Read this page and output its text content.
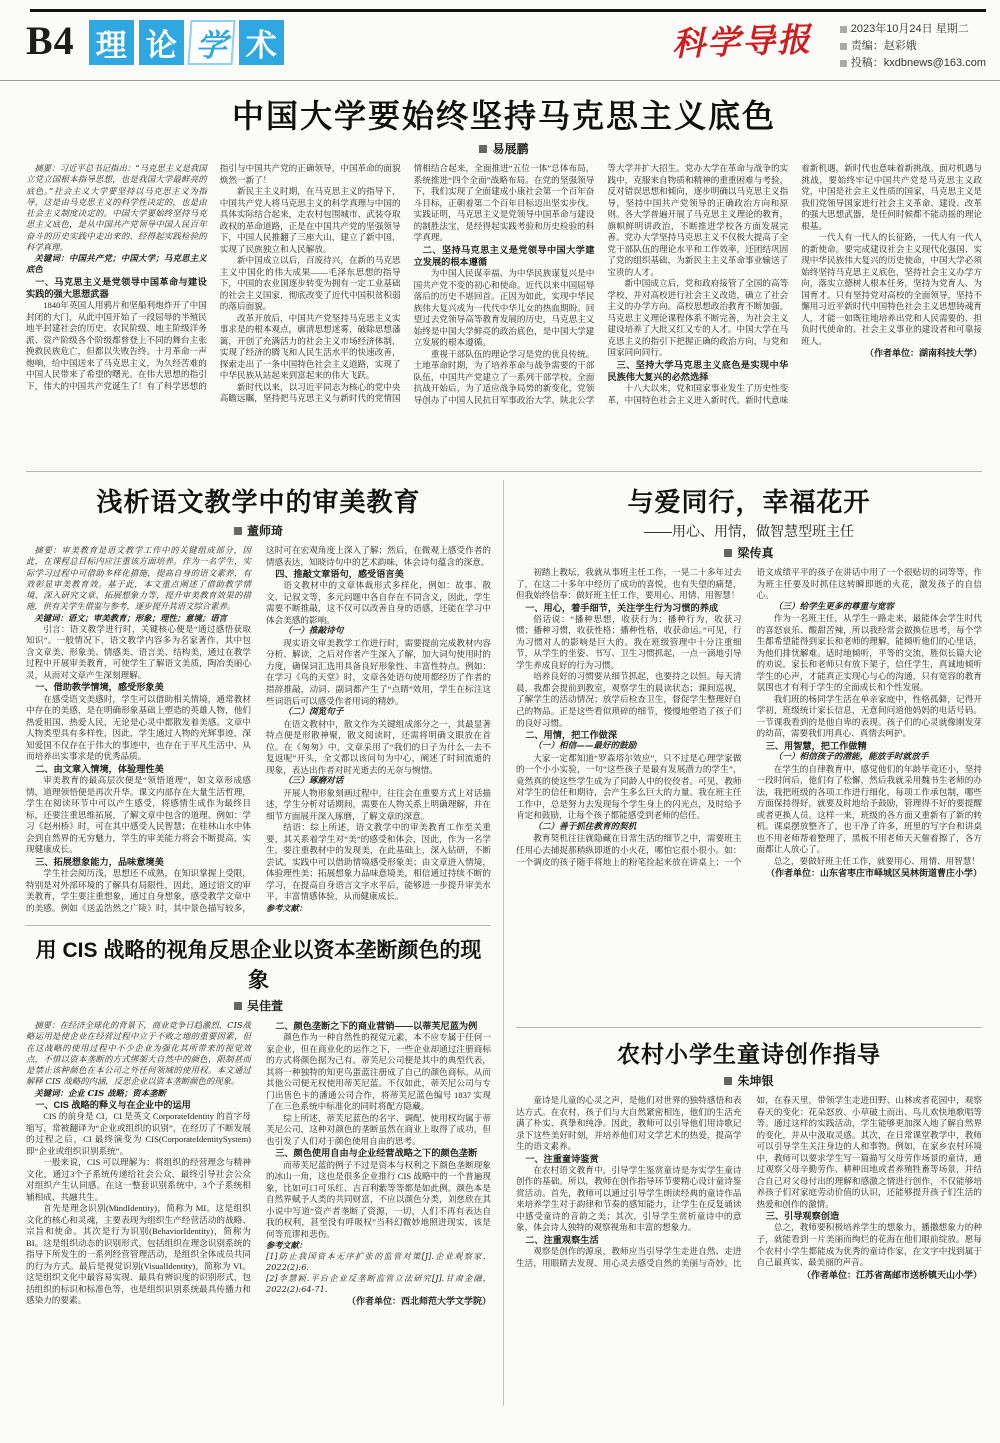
B4 理 论 学 术	科学导报	2023年10月24日 星期二
责编：赵彩娥
投稿：kxdbnews@163.com
中国大学要始终坚持马克思主义底色
易展鹏

摘要：习近平总书记指出：“马克思主义是我国立党立国根本指导思想，也是我国大学最鲜亮的底色。”社会主义大学要坚持以马克思主义为指导，这是由马克思主义的科学性决定的，也是由社会主义制度决定的。中国大学要始终坚持马克思主义底色，是从中国共产党领导中国人民百年奋斗的历史实践中走出来的、经得起实践检验的科学真理。

关键词：中国共产党；中国大学；马克思主义底色

一、马克思主义是党领导中国革命与建设实践的强大思想武器

1840年英国人用鸦片和坚船利炮炸开了中国封闭的大门，从此中国开始了一段屈辱的半殖民地半封建社会的历史。农民阶级、地主阶级洋务派、资产阶级各个阶级都曾登上不同的舞台主张挽救民族危亡，但都以失败告终。十月革命一声炮响，给中国送来了马克思主义，为久经苦难的中国人民带来了希望的曙光。在伟大思想的指引下，伟大的中国共产党诞生了！有了科学思想的指引与中国共产党的正确领导，中国革命的面貌焕然一新了！

新民主主义时期，在马克思主义的指导下，中国共产党人将马克思主义的科学真理与中国的具体实际结合起来，走农村包围城市、武装夺取政权的革命道路，正是在中国共产党的坚强领导下，中国人民推翻了三座大山，建立了新中国，实现了民族独立和人民解放。

新中国成立以后，百废待兴，在新的马克思主义中国化的伟大成果——毛泽东思想的指导下，中国的农业国逐步转变为拥有一定工业基础的社会主义国家，彻底改变了近代中国积贫积弱的落后面貌。

改革开放后，中国共产党坚持马克思主义实事求是的根本观点，廓清思想迷雾，破除思想藩篱，开创了充满活力的社会主义市场经济体制，实现了经济的腾飞和人民生活水平的快速改善，探索走出了一条中国特色社会主义道路，实现了中华民族从站起来到富起来的伟大飞跃。

新时代以来，以习近平同志为核心的党中央高瞻远瞩，坚持把马克思主义与新时代的党情国情相结合起来，全面推进“五位一体”总体布局，系统推进“四个全面”战略布局。在党的坚强领导下，我们实现了全面建成小康社会第一个百年奋斗目标，正朝着第二个百年目标迈出坚实步伐。实践证明，马克思主义是党领导中国革命与建设的制胜法宝，是经得起实践考验和历史检验的科学真理。

二、坚持马克思主义是党领导中国大学建立发展的根本遵循

为中国人民谋幸福、为中华民族谋复兴是中国共产党不变的初心和使命。近代以来中国屈辱落后的历史不堪回首。正因为如此，实现中华民族伟大复兴成为一代代中华儿女的热血期盼。回望过去党领导高等教育发展的历史，马克思主义始终是中国大学鲜亮的政治底色，是中国大学建立发展的根本遵循。

重视干部队伍的理论学习是党的优良传统。土地革命时期，为了培养革命与战争需要的干部队伍，中国共产党建立了一系列干部学校。全面抗战开始后，为了适应战争局势的新变化，党领导创办了中国人民抗日军事政治大学、陕北公学等大学并扩大招生。党办大学在革命与战争的实践中，克服来自物质和精神的重重困难与考验，反对错误思想和倾向，逐步明确以马克思主义指导，坚持中国共产党领导的正确政治方向和原则。各大学普遍开展了马克思主义理论的教育，旗帜鲜明讲政治，不断推进学校各方面发展完善。党办大学坚持马克思主义不仅极大提高了全党干部队伍的理论水平和工作效率，还团结巩固了党的组织基础，为新民主主义革命事业输送了宝贵的人才。

新中国成立后，党和政府接管了全国的高等学校，并对高校进行社会主义改造，确立了社会主义的办学方向。高校思想政治教育不断加强，马克思主义理论课程体系不断完善，为社会主义建设培养了大批又红又专的人才。中国大学在马克思主义的指引下把握正确的政治方向，与党和国家同向同行。

三、坚持大学马克思主义底色是实现中华民族伟大复兴的必然选择

十八大以来，党和国家事业发生了历史性变革，中国特色社会主义进入新时代。新时代意味着新机遇，新时代也意味着新挑战。面对机遇与挑战，要始终牢记中国共产党是马克思主义政党，中国是社会主义性质的国家，马克思主义是我们党领导国家进行社会主义革命、建设、改革的强大思想武器，是任何时候都不能动摇的理论根基。

一代人有一代人的长征路，一代人有一代人的新使命。要完成建设社会主义现代化强国、实现中华民族伟大复兴的历史使命，中国大学必须始终坚持马克思主义底色，坚持社会主义办学方向，落实立德树人根本任务，坚持为党育人、为国育才。只有坚持党对高校的全面领导，坚持不懈用习近平新时代中国特色社会主义思想铸魂育人，才能一如既往地培养出党和人民需要的、担负时代使命的、社会主义事业的建设者和可靠接班人。

（作者单位：湖南科技大学）

浅析语文教学中的审美教育
董师琦

摘要：审美教育是语文教学工作中的关键组成部分，因此，在课程总目标内应注重该方面培养。作为一名学生，实际学习过程中可借助多样化措施，提高自身的语文素养，有效彰显审美教育效。基于此，本文重点阐述了借助教学情境、深入研究文章、拓展想象力等，提升审美教育效果的措施，供有关学生借鉴与参考，逐步提升其语文综合素养。

关键词：语文；审美教育；形象；理性；意境；语言

引言：语文教学进行时，关键核心便是“通过感悟获取知识”。一般情况下，语文教学内容多为名家著作，其中包含文章美、形象美、情感美、语言美、结构美，通过在教学过程中开展审美教育，可使学生了解语文美质，陶冶美丽心灵，从而对文章产生深刻理解。

一、借助教学情境，感受形象美

在感受语文美感时，学生可以借助相关情境，通常教材中存在的美感，是在明确形象基础上塑造的英雄人物，他们热爱祖国、热爱人民，无论是心灵中都散发着美感。文章中人物类型具有多样性，因此，学生通过人物的光辉事迹，深知爱国不仅存在于伟大的事迹中，也存在于平凡生活中，从而培养出实事求是的优秀品质。

二、由文章入情境，体验理性美

审美教育的最高层次便是“领悟道理”，如文章形成感情，道理领悟便是再次升华。课文内部存在大量生活哲理，学生在阅读环节中可以产生感受，将感情生成作为最终目标，还要注重思维拓展，了解文章中包含的道理。例如：学习《赵州桥》时，可在其中感受人民智慧；在桂林山水中体会到自然界的无穷魅力，学生的审美能力将会不断提高，实现健康成长。

三、拓展想象能力，品味意境美

学生社会阅历浅，思想还不成熟，在知识掌握上受限，特别是对外部环境的了解具有局限性，因此，通过语文的审美教育，学生要注重想象，通过自身想象，感受教学文章中的美感。例如《送孟浩然之广陵》时，其中景色描写较多，这时可在宏观角度上深入了解；然后，在微观上感受作者的情感表达，知晓诗句中的艺术韵味，体会诗句蕴含的深意。

四、推敲文章语句，感受语言美

语文教材中的文章体裁形式多样化，例如：故事、散文、记叙文等，多元问题中各自存在不同含义，因此，学生需要不断推敲，这不仅可以改善自身的语感，还能在学习中体会美感的影响。

（一）推敲诗句

现实语文审美教学工作进行时，需要提前完成教材内容分析、解读，之后对作者产生深入了解，加大词句使用时的力度，确保词汇选用具备良好形象性、丰富性特点。例如：在学习《鸟的天堂》时，文章各处语句使用都经历了作者的措辞推敲，动词、副词都产生了“点睛”效用，学生在标注这些词语后可以感受作者用词的精妙。

（二）浏览句子

在语文教材中，散文作为关键组成部分之一，其最显著特点便是形散神聚，散文阅读时，还需将明确文眼放在首位。在《匆匆》中，文章采用了“我们的日子为什么一去不复返呢”开头，全文都以该问句为中心，阐述了时间流逝的现象，表达出作者对时光逝去的无奈与惋惜。

（三）琢磨对话

开展人物形象刻画过程中，往往会在重要方式上对话描述，学生分析对话期间，需要在人物关系上明确理解，并在细节方面展开深入琢磨，了解文章的深意。

结语：综上所述，语文教学中的审美教育工作至关重要，其关系着学生对“美”的感受和体会，因此，作为一名学生，要注重教材中的发现美，在此基础上，深入钻研，不断尝试。实践中可以借助情境感受形象美；由文章进入情境，体验理性美；拓展想象力品味意境美，相信通过持续不断的学习，在提高自身语言文字水平后，能够进一步提升审美水平，丰富情感体验，从而健康成长。

参考文献：

用 CIS 战略的视角反思企业以资本垄断颜色的现象
吴佳萱

摘要：在经济全球化的背景下，商业竞争日趋激烈，CIS战略运用是使企业在经营过程中立于不败之地的重要因素，但在这战略的使用过程中不少企业为强化其所带来的视觉效点，不惜以资本垄断的方式绑架大自然中的颜色，限制甚而是禁止该种颜色在本公司之外任何领域的使用权。本文通过解释 CIS 战略的内涵，反思企业以资本垄断颜色的现象。

关键词：企业 CIS 战略；资本垄断

一、CIS 战略的释义与在企业中的运用

CIS 的前身是 CI，CI 是英文 CorporateIdentity 的首字母缩写，常被翻译为“企业或组织的识别”，在经历了不断发展的过程之后，CI 最终演变为 CIS(CorporateIdentitySystem)即“企业或组织识别系统”。

一般来说，CIS 可以理解为：将组织的经营理念与精神文化，通过3个子系统传递给社会公众，最终引导社会公众对组织产生认同感。在这一整套识别系统中，3个子系统相辅相成、共融共生。

首先是理念识别(MindIdentity)，简称为 MI。这是组织文化的核心和灵魂，主要表现为组织生产经营活动的战略、宗旨和使命。其次是行为识别(BehaviorIdentity)，简称为 BI。这是组织动态的识别形式，包括组织在理念识别系统的指导下所发生的一系列经营管理活动，是组织全体成员共同的行为方式。最后是视觉识别(VisualIdentity)，简称为 VI。这是组织文化中最容易实现、最具有辨识度的识别形式，包括组织的标识和标准色等，也是组织识别系统最具传播力和感染力的要素。

二、颜色垄断之下的商业营销——以蒂芙尼蓝为例

颜色作为一种自然性的视觉元素，本不应专属于任何一家企业，但在商业化的运作之下，一些企业却通过注册商标的方式将颜色据为己有。蒂芙尼公司便是其中的典型代表，其将一种独特的知更鸟蛋蓝注册成了自己的颜色商标。从而其他公司便无权使用蒂芙尼蓝。不仅如此，蒂芙尼公司与专门出售色卡的潘通公司合作，将蒂芙尼蓝色编号 1837 实现了在三色系统中标准化的同时将配方隐藏。

综上所述，蒂芙尼蓝色的名字、调配、使用权均属于蒂芙尼公司，这种对颜色的垄断虽然在商业上取得了成功，但也引发了人们对于颜色使用自由的思考。

三、颜色使用自由与企业经营战略之下的颜色垄断

而蒂芙尼蓝的例子不过是资本与权利之下颜色垄断现象的冰山一角，这也是很多企业推行 CIS 战略中的一个普遍现象，比如可口可乐红、吉百利紫等等都是如此例。颜色本是自然界赋予人类的共同财富，不应以颜色分类，刘慈欣在其小说中写道“资产者垄断了资源，一切，人们不再有表达自我的权利，甚至没有呼吸权”当科幻微妙地照进现实，该是何等荒谬和悲伤。

参考文献：

[1]防止我国资本无序扩张的监管对策[J].企业观察家，2022(2):6.

[2]李慧颖.平台企业反垄断监管立法研究[J].甘肃金融，2022(2):64-71.

（作者单位：西北师范大学文学院）

与爱同行，幸福花开
——用心、用情，做智慧型班主任
梁传真

初踏上教坛，我就从事班主任工作，一晃二十多年过去了，在这二十多年中经历了成功的喜悦，也有失望的痛楚，但我始终信奉：做好班主任工作，要用心、用情、用智慧！

一、用心，着手细节，关注学生行为习惯的养成

俗话说：“播种思想，收获行为；播种行为，收获习惯；播种习惯，收获性格；播种性格，收获命运。”可见，行为习惯对人的影响是巨大的。我在班级管理中十分注重细节，从学生的坐姿、书写、卫生习惯抓起，一点一滴地引导学生养成良好的行为习惯。

培养良好的习惯要从细节抓起，也要持之以恒。每天清晨，我都会提前到教室，观察学生的晨读状态；课间巡视，了解学生的活动情况；放学后检查卫生，督促学生整理好自己的物品。正是这些看似琐碎的细节，慢慢地塑造了孩子们的良好习惯。

二、用情，把工作做深

（一）相信——最好的鼓励

大家一定都知道“罗森塔尔效应”，只不过是心理学家做的一个小小实验，一句“这些孩子是最有发展潜力的学生”，竟然真的使这些学生成为了同龄人中的佼佼者。可见，教师对学生的信任和期待，会产生多么巨大的力量。我在班主任工作中，总是努力去发现每个学生身上的闪光点，及时给予肯定和鼓励，让每个孩子都能感受到老师的信任。

（二）善于抓住教育的契机

教育契机往往就隐藏在日常生活的细节之中，需要班主任用心去捕捉那稍纵即逝的小火花，哪怕它很小很小。如：一个调皮的孩子随手将地上的粉笔捡起来放在讲桌上；一个语文成绩平平的孩子在讲话中用了一个很贴切的词等等，作为班主任要及时抓住这转瞬即逝的火花，激发孩子的自信心。

（三）给学生更多的尊重与宽容

作为一名班主任，从学生一路走来，最能体会学生时代的喜怒哀乐、酸甜苦辣，所以我经常会做换位思考，每个学生都希望能得到家长和老师的理解，能倾听他们的心里话，为他们排忧解难。适时地倾听，平等的交流，胜似长篇大论的劝说。家长和老师只有放下架子，信任学生，真诚地倾听学生的心声，才能真正实现心与心的沟通，只有宽容的教育氛围也才有利于学生的全面成长和个性发展。

我们班的杨同学生活在单亲家庭中，性格孤僻，记得开学初，班级统计家长信息，无意间问道他妈妈的电话号码。一节课我看到的是他自卑的表现。孩子们的心灵就像刚发芽的幼苗，需要我们用真心、真情去呵护。

三、用智慧，把工作做精

（一）相信孩子的潜能，能放手时就放手

在学生的自律教育中，感觉他们的年龄毕竟还小，坚持一段时间后，他们有了松懈，然后我就采用魏书生老师的办法，我把班级的各项工作进行细化，每项工作承包制，哪些方面保持得好，就要及时地给予鼓励，管理得不好的要提醒或者更换人员。这样一来，班级的各方面又重新有了新的转机。课桌摆放整齐了，也干净了许多，班里的写字台和讲桌也不用老师帮着整理了，黑板不用老师天天催着擦了，各方面都让人放心了。

总之，要做好班主任工作，就要用心、用情、用智慧！

（作者单位：山东省枣庄市峄城区吴林街道曹庄小学）

农村小学生童诗创作指导
朱坤银

童诗是儿童的心灵之声，是他们对世界的独特感悟和表达方式。在农村，孩子们与大自然紧密相连，他们的生活充满了朴实、真挚和纯净。因此，教师可以引导他们用诗歌记录下这些美好时刻，并培养他们对文学艺术的热爱，提高学生的语文素养。

一、注重童诗鉴赏

在农村语文教育中，引导学生鉴赏童诗是夯实学生童诗创作的基础。所以，教师在创作指导环节要精心设计童诗鉴赏活动。首先，教师可以通过引导学生朗读经典的童诗作品来培养学生对于韵律和节奏的感知能力，让学生在反复诵读中感受童诗的音韵之美；其次，引导学生赏析童诗中的意象，体会诗人独特的观察视角和丰富的想象力。

二、注重观察生活

观察是创作的源泉，教师应当引导学生走进自然、走进生活，用眼睛去发现、用心灵去感受自然的美丽与奇妙。比如，在春天里，带领学生走进田野、山林或者花园中，观察春天的变化：花朵怒放、小草破土而出、鸟儿欢快地歌唱等等。通过这样的实践活动，学生能够更加深入地了解自然界的变化，并从中汲取灵感。其次，在日常课堂教学中，教师可以引导学生关注身边的人和事物。例如，在家乡农村环境中，教师可以要求学生写一篇描写父母劳作场景的童诗，通过观察父母辛勤劳作、耕种田地或者养殖牲畜等场景，并结合自己对父母付出的理解和感激之情进行创作，不仅能够培养孩子们对家庭劳动价值的认识，还能够提升孩子们生活的热爱和创作的激情。

三、引导观察创造

总之，教师要积极培养学生的想象力，播撒想象力的种子，就能看到一片美丽而绚烂的花海在他们眼前绽放。愿每个农村小学生都能成为优秀的童诗作家，在文字中找到属于自己最真实、最美丽的声音。

（作者单位：江苏省高邮市送桥镇天山小学）
